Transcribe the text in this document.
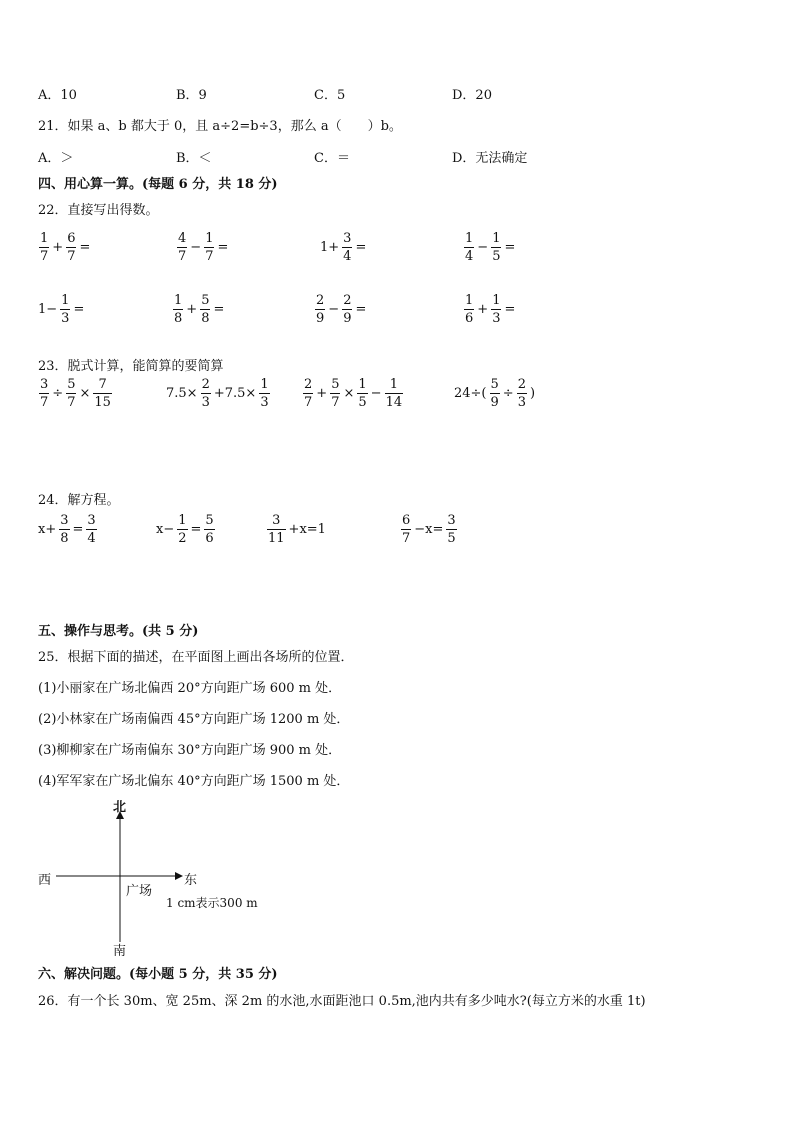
A．10	B．9	C．5	D．20
21．如果 a、b 都大于 0，且 a÷2=b÷3，那么 a（　　）b。
A．＞	B．＜	C．＝	D．无法确定
四、用心算一算。(每题 6 分，共 18 分)
22．直接写出得数。
$\frac{1}{7} + \frac{6}{7}$ =	$\frac{4}{7} - \frac{1}{7}$ =	$1+ \frac{3}{4}$ =	$\frac{1}{4} - \frac{1}{5}$ =
$1- \frac{1}{3}$ =	$\frac{1}{8} + \frac{5}{8}$ =	$\frac{2}{9} - \frac{2}{9}$ =	$\frac{1}{6} + \frac{1}{3}$ =
23．脱式计算，能简算的要简算
$\frac{3}{7} \div \frac{5}{7} \times \frac{7}{15}$	$7.5\times \frac{2}{3} +7.5\times \frac{1}{3}$	$\frac{2}{7} + \frac{5}{7} \times \frac{1}{5} - \frac{1}{14}$	$24\div( \frac{5}{9} \div \frac{2}{3}$ )
24．解方程。
$x+ \frac{3}{8} = \frac{3}{4}$	$x- \frac{1}{2} = \frac{5}{6}$	$\frac{3}{11} +x=1$	$\frac{6}{7} -x= \frac{3}{5}$
五、操作与思考。(共 5 分)
25．根据下面的描述，在平面图上画出各场所的位置．
(1)小丽家在广场北偏西 20°方向距广场 600 m 处．
(2)小林家在广场南偏西 45°方向距广场 1200 m 处．
(3)柳柳家在广场南偏东 30°方向距广场 900 m 处．
(4)军军家在广场北偏东 40°方向距广场 1500 m 处．
北
西	东
广场
1 cm表示300 m
南
六、解决问题。(每小题 5 分，共 35 分)
26．有一个长 30m、宽 25m、深 2m 的水池,水面距池口 0.5m,池内共有多少吨水?(每立方米的水重 1t)
